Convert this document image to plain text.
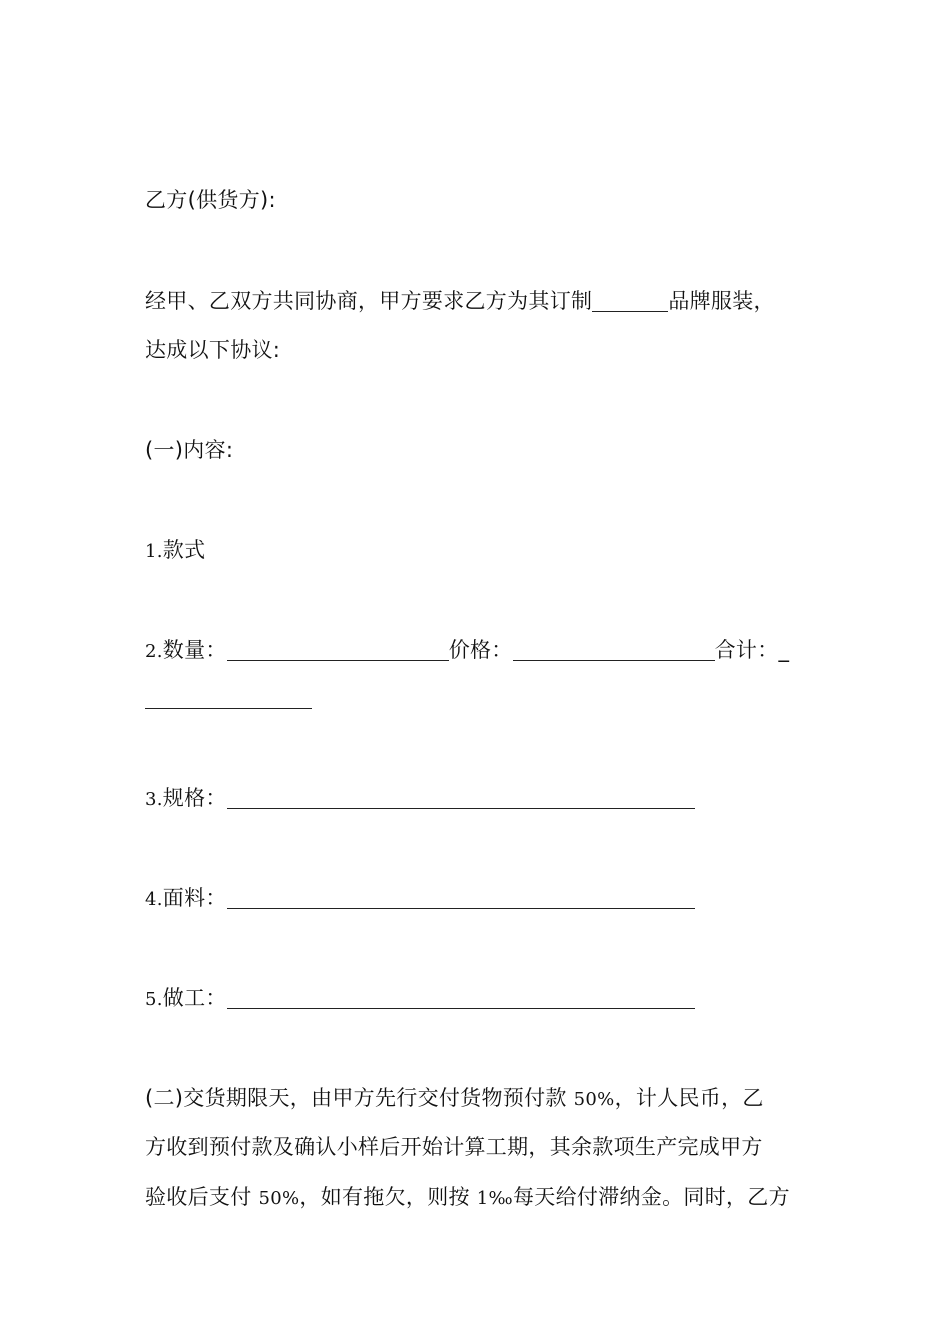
乙方(供货方):
经甲、乙双方共同协商，甲方要求乙方为其订制	品牌服装，
达成以下协议:
(一)内容:
1.款式
2.数量：	价格：	合计：_
3.规格：
4.面料：
5.做工：
(二)交货期限天，由甲方先行交付货物预付款 50%，计人民币，乙
方收到预付款及确认小样后开始计算工期，其余款项生产完成甲方
验收后支付 50%，如有拖欠，则按 1‰每天给付滞纳金。同时，乙方
